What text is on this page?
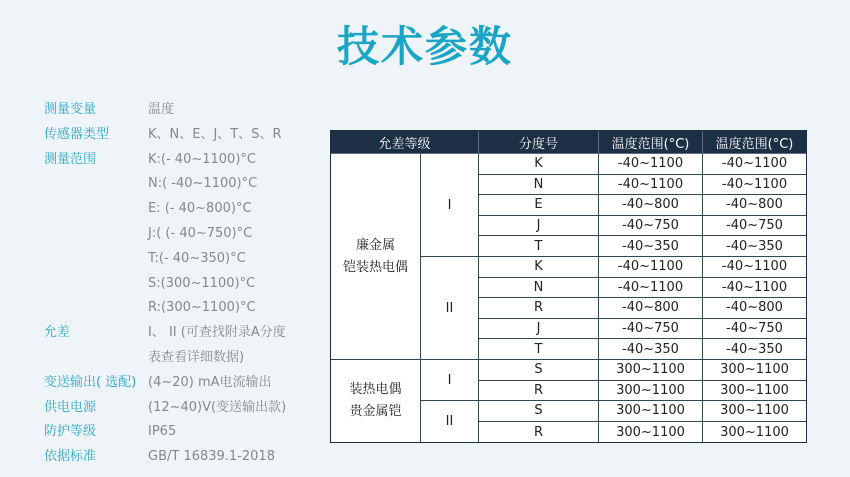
技术参数
测量变量	温度
传感器类型	K、N、E、J、T、S、R
测量范围	K:(- 40~1100)°C
N:( -40~1100)°C
E: (- 40~800)°C
J:( (- 40~750)°C
T:(- 40~350)°C
S:(300~1100)°C
R:(300~1100)°C
允差	I、 II (可查找附录A分度
表查看详细数据)
变送输出( 选配) (4~20) mA电流输出
供电电源	(12~40)V(变送输出款)
防护等级	IP65
依据标准	GB/T 16839.1-2018
允差等级	分度号	温度范围(°C)	温度范围(°C)
廉金属
铠装热电偶
I
K	-40~1100	-40~1100
N	-40~1100	-40~1100
E	-40~800	-40~800
J	-40~750	-40~750
T	-40~350	-40~350
II
K	-40~1100	-40~1100
N	-40~1100	-40~1100
R	-40~800	-40~800
J	-40~750	-40~750
T	-40~350	-40~350
装热电偶
贵金属铠
I
S	300~1100	300~1100
R	300~1100	300~1100
II
S	300~1100	300~1100
R	300~1100	300~1100
